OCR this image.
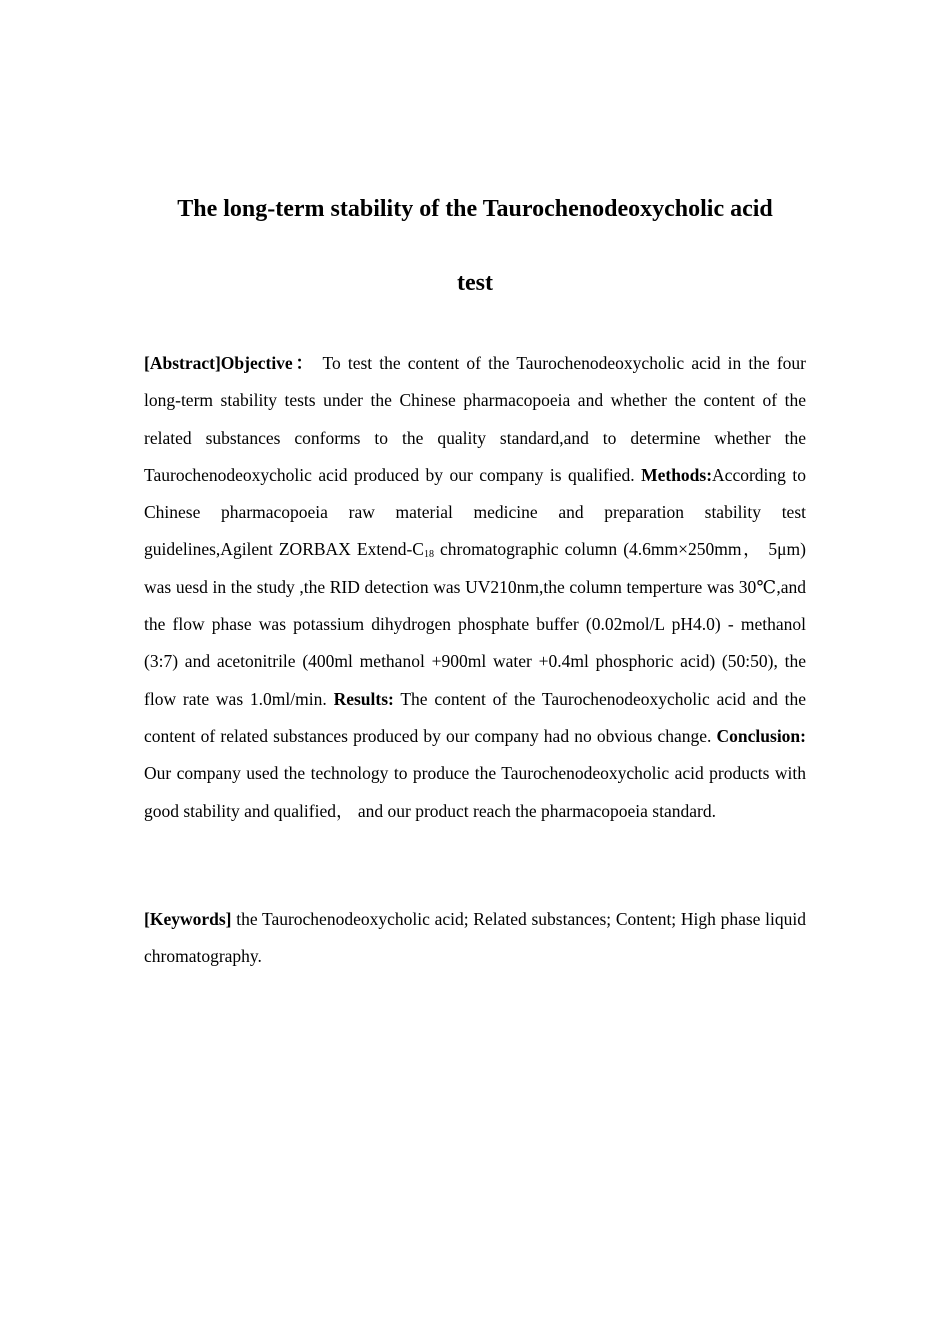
The long-term stability of the Taurochenodeoxycholic acid
test

[Abstract]Objective： To test the content of the Taurochenodeoxycholic acid in the four long-term stability tests under the Chinese pharmacopoeia and whether the content of the related substances conforms to the quality standard,and to determine whether the Taurochenodeoxycholic acid produced by our company is qualified. Methods:According to Chinese pharmacopoeia raw material medicine and preparation stability test guidelines,Agilent ZORBAX Extend-$C_{18}$ chromatographic column (4.6mm×250mm， 5μm) was uesd in the study ,the RID detection was UV210nm,the column temperture was 30℃,and the flow phase was potassium dihydrogen phosphate buffer (0.02mol/L pH4.0) - methanol (3:7) and acetonitrile (400ml methanol +900ml water +0.4ml phosphoric acid) (50:50), the flow rate was 1.0ml/min. Results: The content of the Taurochenodeoxycholic acid and the content of related substances produced by our company had no obvious change. Conclusion: Our company used the technology to produce the Taurochenodeoxycholic acid products with good stability and qualified， and our product reach the pharmacopoeia standard.

[Keywords] the Taurochenodeoxycholic acid; Related substances; Content; High phase liquid chromatography.
